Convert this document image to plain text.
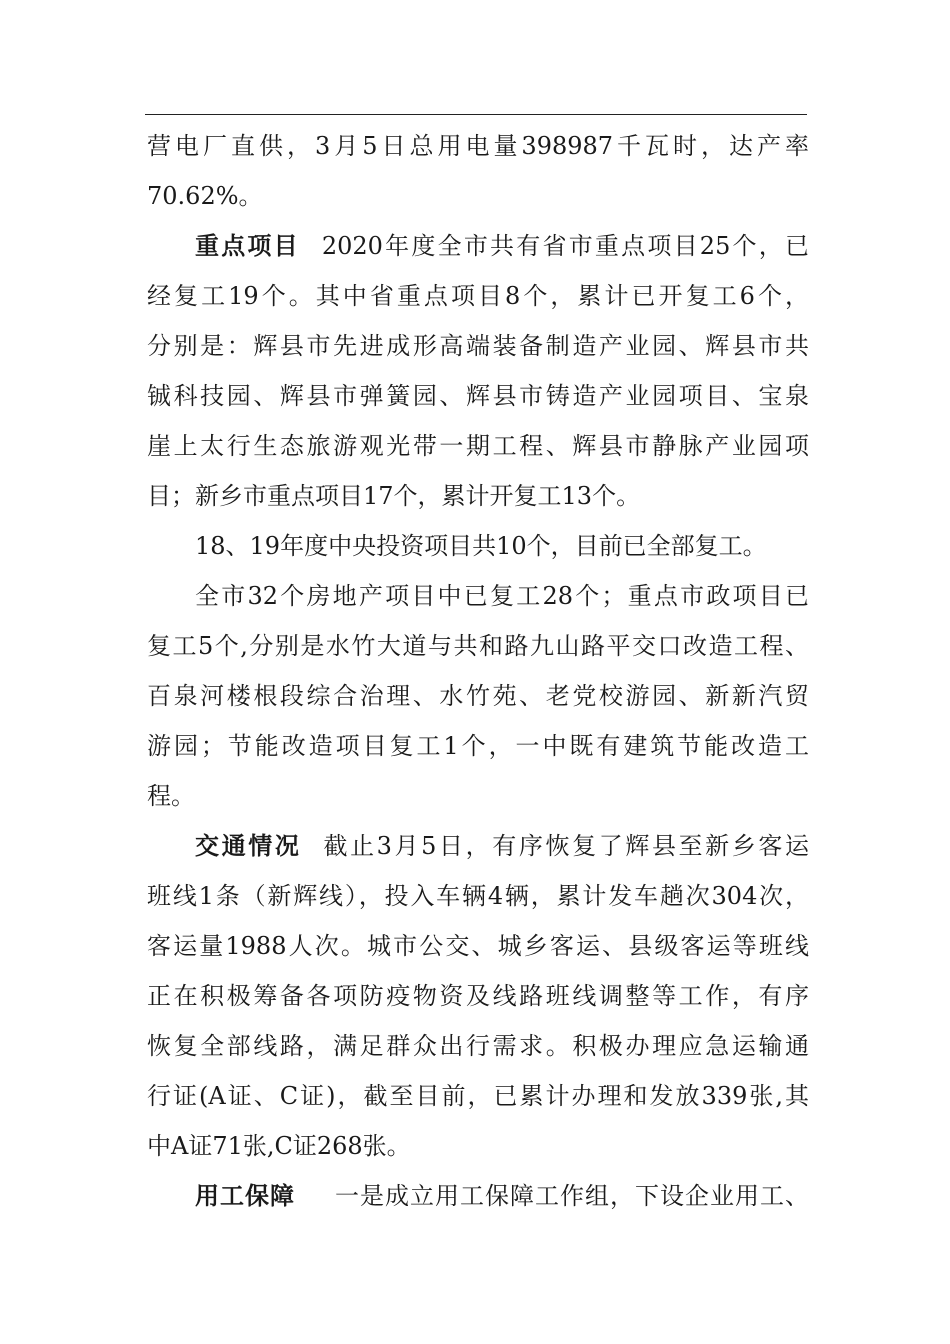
营电厂直供，3月5日总用电量398987千瓦时，达产率
70.62%。
重点项目 2020年度全市共有省市重点项目25个，已
经复工19个。其中省重点项目8个，累计已开复工6个，
分别是：辉县市先进成形高端装备制造产业园、辉县市共
铖科技园、辉县市弹簧园、辉县市铸造产业园项目、宝泉
崖上太行生态旅游观光带一期工程、辉县市静脉产业园项
目；新乡市重点项目17个，累计开复工13个。
18、19年度中央投资项目共10个，目前已全部复工。
全市32个房地产项目中已复工28个；重点市政项目已
复工5个,分别是水竹大道与共和路九山路平交口改造工程、
百泉河楼根段综合治理、水竹苑、老党校游园、新新汽贸
游园；节能改造项目复工1个，一中既有建筑节能改造工
程。
交通情况 截止3月5日，有序恢复了辉县至新乡客运
班线1条（新辉线），投入车辆4辆，累计发车趟次304次，
客运量1988人次。城市公交、城乡客运、县级客运等班线
正在积极筹备各项防疫物资及线路班线调整等工作，有序
恢复全部线路，满足群众出行需求。积极办理应急运输通
行证(A证、C证)，截至目前，已累计办理和发放339张,其
中A证71张,C证268张。
用工保障 一是成立用工保障工作组，下设企业用工、
